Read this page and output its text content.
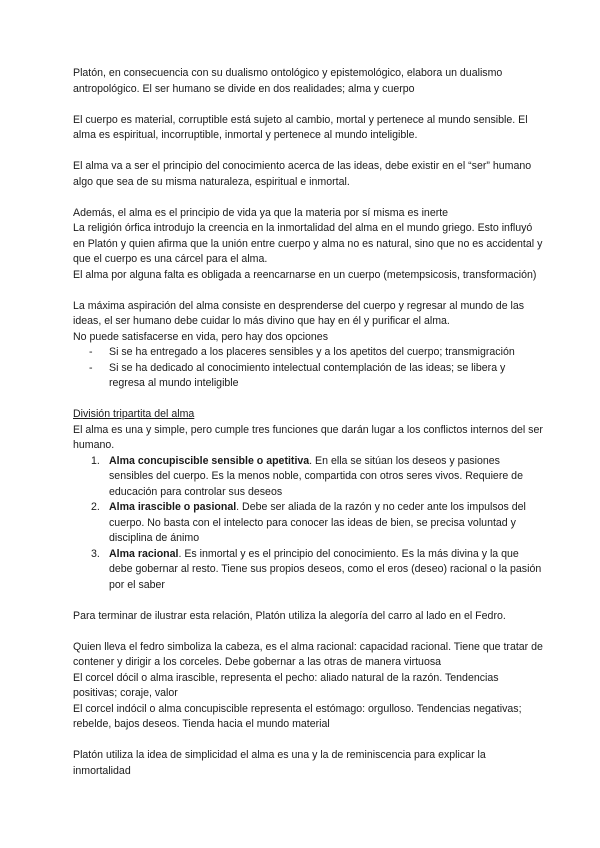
Platón, en consecuencia con su dualismo ontológico y epistemológico, elabora un dualismo antropológico. El ser humano se divide en dos realidades; alma y cuerpo

El cuerpo es material, corruptible está sujeto al cambio, mortal y pertenece al mundo sensible. El alma es espiritual, incorruptible, inmortal y pertenece al mundo inteligible.

El alma va a ser el principio del conocimiento acerca de las ideas, debe existir en el “ser” humano algo que sea de su misma naturaleza, espiritual e inmortal.

Además, el alma es el principio de vida ya que la materia por sí misma es inerte

La religión órfica introdujo la creencia en la inmortalidad del alma en el mundo griego. Esto influyó en Platón y quien afirma que la unión entre cuerpo y alma no es natural, sino que no es accidental y que el cuerpo es una cárcel para el alma.

El alma por alguna falta es obligada a reencarnarse en un cuerpo (metempsicosis, transformación)

La máxima aspiración del alma consiste en desprenderse del cuerpo y regresar al mundo de las ideas, el ser humano debe cuidar lo más divino que hay en él y purificar el alma.

No puede satisfacerse en vida, pero hay dos opciones

- Si se ha entregado a los placeres sensibles y a los apetitos del cuerpo; transmigración
- Si se ha dedicado al conocimiento intelectual contemplación de las ideas; se libera y regresa al mundo inteligible

División tripartita del alma

El alma es una y simple, pero cumple tres funciones que darán lugar a los conflictos internos del ser humano.

1. Alma concupiscible sensible o apetitiva. En ella se sitúan los deseos y pasiones sensibles del cuerpo. Es la menos noble, compartida con otros seres vivos. Requiere de educación para controlar sus deseos
2. Alma irascible o pasional. Debe ser aliada de la razón y no ceder ante los impulsos del cuerpo. No basta con el intelecto para conocer las ideas de bien, se precisa voluntad y disciplina de ánimo
3. Alma racional. Es inmortal y es el principio del conocimiento. Es la más divina y la que debe gobernar al resto. Tiene sus propios deseos, como el eros (deseo) racional o la pasión por el saber

Para terminar de ilustrar esta relación, Platón utiliza la alegoría del carro al lado en el Fedro.

Quien lleva el fedro simboliza la cabeza, es el alma racional: capacidad racional. Tiene que tratar de contener y dirigir a los corceles. Debe gobernar a las otras de manera virtuosa

El corcel dócil o alma irascible, representa el pecho: aliado natural de la razón. Tendencias positivas; coraje, valor

El corcel indócil o alma concupiscible representa el estómago: orgulloso. Tendencias negativas; rebelde, bajos deseos. Tienda hacia el mundo material

Platón utiliza la idea de simplicidad el alma es una y la de reminiscencia para explicar la inmortalidad
